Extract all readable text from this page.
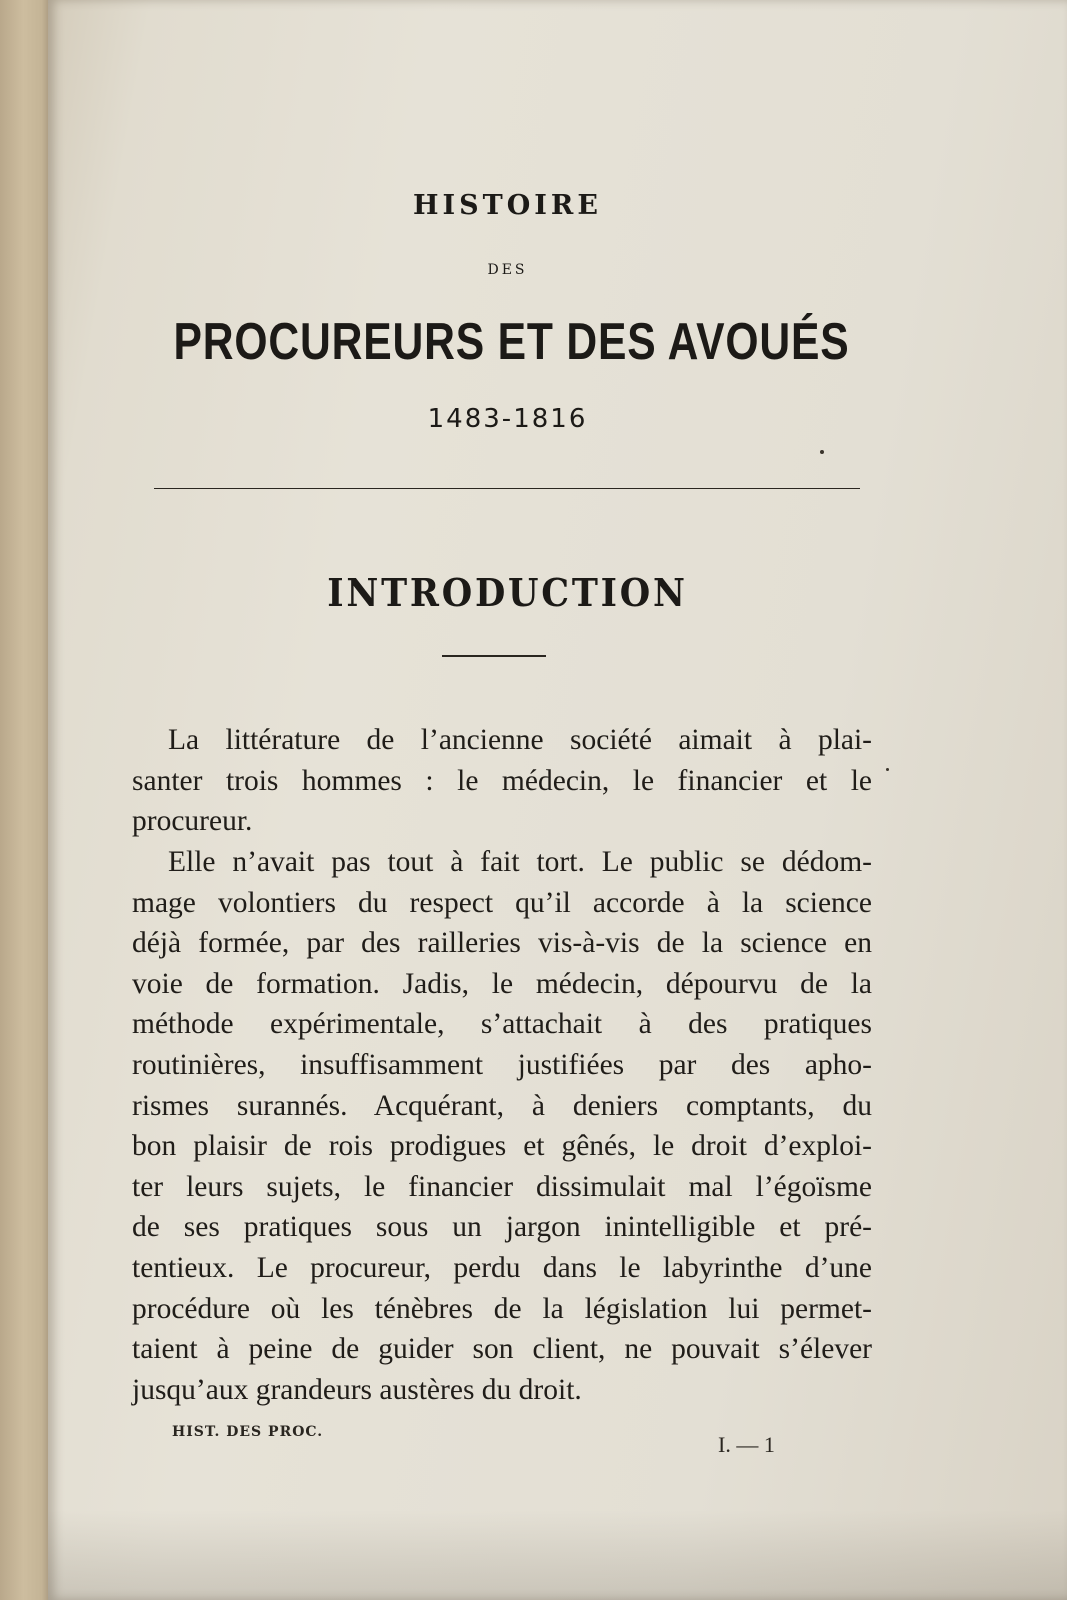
HISTOIRE
DES
PROCUREURS ET DES AVOUÉS
1483-1816
INTRODUCTION

La littérature de l’ancienne société aimait à plai-
santer trois hommes : le médecin, le financier et le
procureur.

Elle n’avait pas tout à fait tort. Le public se dédom-
mage volontiers du respect qu’il accorde à la science
déjà formée, par des railleries vis-à-vis de la science en
voie de formation. Jadis, le médecin, dépourvu de la
méthode expérimentale, s’attachait à des pratiques
routinières, insuffisamment justifiées par des apho-
rismes surannés. Acquérant, à deniers comptants, du
bon plaisir de rois prodigues et gênés, le droit d’exploi-
ter leurs sujets, le financier dissimulait mal l’égoïsme
de ses pratiques sous un jargon inintelligible et pré-
tentieux. Le procureur, perdu dans le labyrinthe d’une
procédure où les ténèbres de la législation lui permet-
taient à peine de guider son client, ne pouvait s’élever
jusqu’aux grandeurs austères du droit.

HIST. DES PROC.	I. — 1
